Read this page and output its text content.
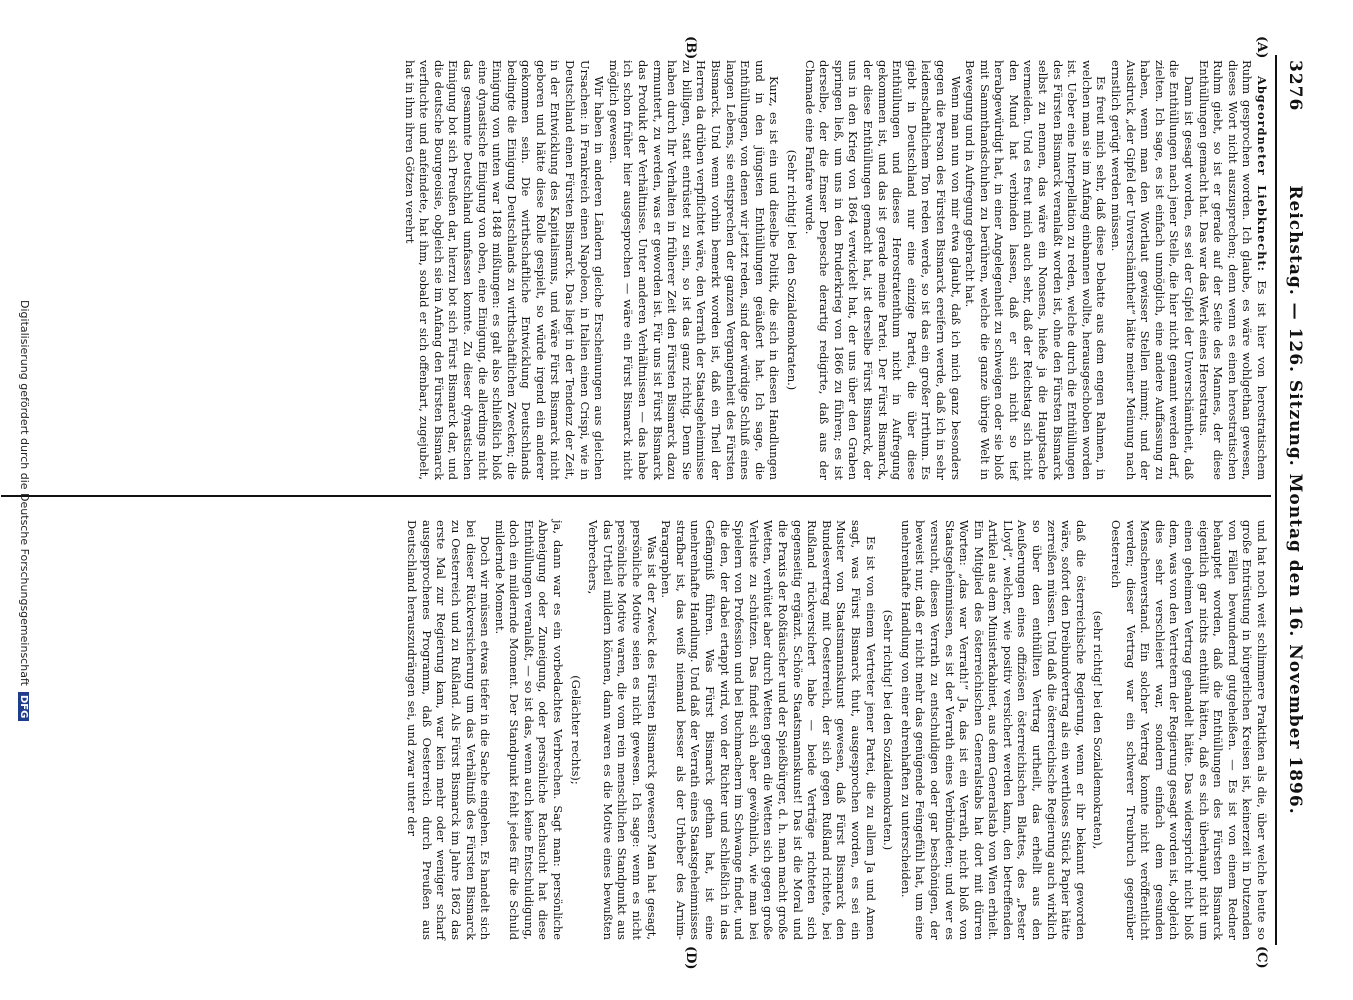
3276
Reichstag. — 126. Sitzung. Montag den 16. November 1896.
(A)
(B)
(C)
(D)

Abgeordneter Liebknecht: Es ist hier von herostratischem Ruhm gesprochen worden. Ich glaube, es wäre wohlgethan gewesen, dieses Wort nicht auszusprechen; denn wenn es einen herostratischen Ruhm giebt, so ist er gerade auf der Seite des Mannes, der diese Enthüllungen gemacht hat. Das war das Werk eines Herostratus.

Dann ist gesagt worden, es sei der Gipfel der Unverschämtheit, daß die Enthüllungen nach jener Stelle, die hier nicht genannt werden darf, zielten. Ich sage, es ist einfach unmöglich, eine andere Auffassung zu haben, wenn man den Wortlaut gewisser Stellen nimmt; und der Ausdruck „der Gipfel der Unverschämtheit“ hätte meiner Meinung nach ernstlich gerügt werden müssen.

Es freut mich sehr, daß diese Debatte aus dem engen Rahmen, in welchen man sie im Anfang einbannen wollte, herausgeschoben worden ist. Ueber eine Interpellation zu reden, welche durch die Enthüllungen des Fürsten Bismarck veranlaßt worden ist, ohne den Fürsten Bismarck selbst zu nennen, das wäre ein Nonsens, hieße ja die Hauptsache vermeiden. Und es freut mich auch sehr, daß der Reichstag sich nicht den Mund hat verbinden lassen, daß er sich nicht so tief herabgewürdigt hat, in einer Angelegenheit zu schweigen oder sie bloß mit Sammthandschuhen zu berühren, welche die ganze übrige Welt in Bewegung und in Aufregung gebracht hat.

Wenn man nun von mir etwa glaubt, daß ich mich ganz besonders gegen die Person des Fürsten Bismarck ereifern werde, daß ich in sehr leidenschaftlichem Ton reden werde, so ist das ein großer Irrthum. Es giebt in Deutschland nur eine einzige Partei, die über diese Enthüllungen und dieses Herostratenthum nicht in Aufregung gekommen ist, und das ist gerade meine Partei. Der Fürst Bismarck, der diese Enthüllungen gemacht hat, ist derselbe Fürst Bismarck, der uns in den Krieg von 1864 verwickelt hat, der uns über den Graben springen ließ, um uns in den Bruderkrieg von 1866 zu führen; es ist derselbe, der die Emser Depesche derartig redigirte, daß aus der Chamade eine Fanfare wurde.

(Sehr richtig! bei den Sozialdemokraten.)

Kurz, es ist ein und dieselbe Politik, die sich in diesen Handlungen und in den jüngsten Enthüllungen geäußert hat. Ich sage, die Enthüllungen, von denen wir jetzt reden, sind der würdige Schluß eines langen Lebens, sie entsprechen der ganzen Vergangenheit des Fürsten Bismarck. Und wenn vorhin bemerkt worden ist, daß ein Theil der Herren da drüben verpflichtet wäre, den Verrath der Staatsgeheimnisse zu billigen, statt entrüstet zu sein, so ist das ganz richtig. Denn Sie haben durch Ihr Verhalten in früherer Zeit den Fürsten Bismarck dazu ermuntert, zu werden, was er geworden ist. Für uns ist Fürst Bismarck das Produkt der Verhältnisse. Unter anderen Verhältnissen — das habe ich schon früher hier ausgesprochen — wäre ein Fürst Bismarck nicht möglich gewesen.

Wir haben in anderen Ländern gleiche Erscheinungen aus gleichen Ursachen: in Frankreich einen Napoleon, in Italien einen Crispi, wie in Deutschland einen Fürsten Bismarck. Das liegt in der Tendenz der Zeit, in der Entwicklung des Kapitalismus, und wäre Fürst Bismarck nicht geboren und hätte diese Rolle gespielt, so würde irgend ein anderer gekommen sein. Die wirthschaftliche Entwicklung Deutschlands bedingte die Einigung Deutschlands zu wirthschaftlichen Zwecken; die Einigung von unten war 1848 mißlungen: es galt also schließlich bloß eine dynastische Einigung von oben, eine Einigung, die allerdings nicht das gesammte Deutschland umfassen konnte. Zu dieser dynastischen Einigung bot sich Preußen dar, hierzu bot sich Fürst Bismarck dar, und die deutsche Bourgeoisie, obgleich sie im Anfang den Fürsten Bismarck verfluchte und anfeindete, hat ihm, sobald er sich offenbart, zugejubelt, hat in ihm ihren Götzen verehrt

und hat noch weit schlimmere Praktiken als die, über welche heute so große Entrüstung in bürgerlichen Kreisen ist, keinerzeit in Dutzenden von Fällen bewundernd gutgeheißen. — Es ist von einem Redner behauptet worden, daß die Enthüllungen des Fürsten Bismarck eigentlich gar nichts enthüllt hätten, daß es sich überhaupt nicht um einen geheimen Vertrag gehandelt hätte. Das widerspricht nicht bloß dem, was von den Vertretern der Regierung gesagt worden ist, obgleich dies sehr verschleiert war, sondern einfach dem gesunden Menschenverstand. Ein solcher Vertrag konnte nicht veröffentlicht werden; dieser Vertrag war ein schwerer Treubruch gegenüber Oesterreich

(sehr richtig! bei den Sozialdemokraten),

daß die österreichische Regierung, wenn er ihr bekannt geworden wäre, sofort den Dreibundvertrag als ein werthloses Stück Papier hätte zerreißen müssen. Und daß die österreichische Regierung auch wirklich so über den enthüllten Vertrag urtheilt, das erhellt aus den Aeußerungen eines offiziösen österreichischen Blattes, des „Pester Lloyd“, welcher, wie positiv versichert werden kann, den betreffenden Artikel aus dem Ministerkabinet, aus dem Generalstab von Wien erhielt. Ein Mitglied des österreichischen Generalstabs hat dort mit dürren Worten: „das war Verrath!“ Ja, das ist ein Verrath, nicht bloß von Staatsgeheimnissen, es ist der Verrath eines Verbündeten; und wer es versucht, diesen Verrath zu entschuldigen oder gar beschönigen, der beweist nur, daß er nicht mehr das genügende Feingefühl hat, um eine unehrenhafte Handlung von einer ehrenhaften zu unterscheiden.

(Sehr richtig! bei den Sozialdemokraten.)

Es ist von einem Vertreter jener Partei, die zu allem Ja und Amen sagt, was Fürst Bismarck thut, ausgesprochen worden, es sei ein Muster von Staatsmannskunst gewesen, daß Fürst Bismarck den Bundesvertrag mit Oesterreich, der sich gegen Rußland richtete, bei Rußland rückversichert habe — beide Verträge richteten sich gegenseitig ergänzt. Schöne Staatsmannskunst! Das ist die Moral und die Praxis der Roßtäuscher und der Spießbürger, d. h. man macht große Wetten, verhütet aber durch Wetten gegen die Wetten sich gegen große Verluste zu schützen. Das findet sich aber gewöhnlich, wie man bei Spielern von Profession und bei Buchmachern im Schwange findet, und die den, der dabei ertappt wird, von der Richter und schließlich in das Gefängniß führen. Was Fürst Bismarck gethan hat, ist eine unehrenhafte Handlung. Und daß der Verrath eines Staatsgeheimnisses strafbar ist, das weiß niemand besser als der Urheber des Arnim-Paragraphen.

Was ist der Zweck des Fürsten Bismarck gewesen? Man hat gesagt, persönliche Motive seien es nicht gewesen. Ich sage: wenn es nicht persönliche Motive waren, die vom rein menschlichen Standpunkt aus das Urtheil mildern können, dann waren es die Motive eines bewußten Verbrechers,

(Gelächter rechts);

ja, dann war es ein vorbedachtes Verbrechen. Sagt man: persönliche Abneigung oder Zuneigung, oder persönliche Rachsucht hat diese Enthüllungen veranlaßt, — so ist das, wenn auch keine Entschuldigung, doch ein mildernde Moment. Der Standpunkt fehlt jedes für die Schuld mildernde Moment.

Doch wir müssen etwas tiefer in die Sache eingehen. Es handelt sich bei dieser Rückversicherung um das Verhältniß des Fürsten Bismarck zu Oesterreich und zu Rußland. Als Fürst Bismarck im Jahre 1862 das erste Mal zur Regierung kam, war kein mehr oder weniger scharf ausgesprochenes Programm, daß Oesterreich durch Preußen aus Deutschland herauszudrängen sei, und zwar unter der

Digitalisierung gefördert durch die Deutsche ForschungsgemeinschaftDFG
